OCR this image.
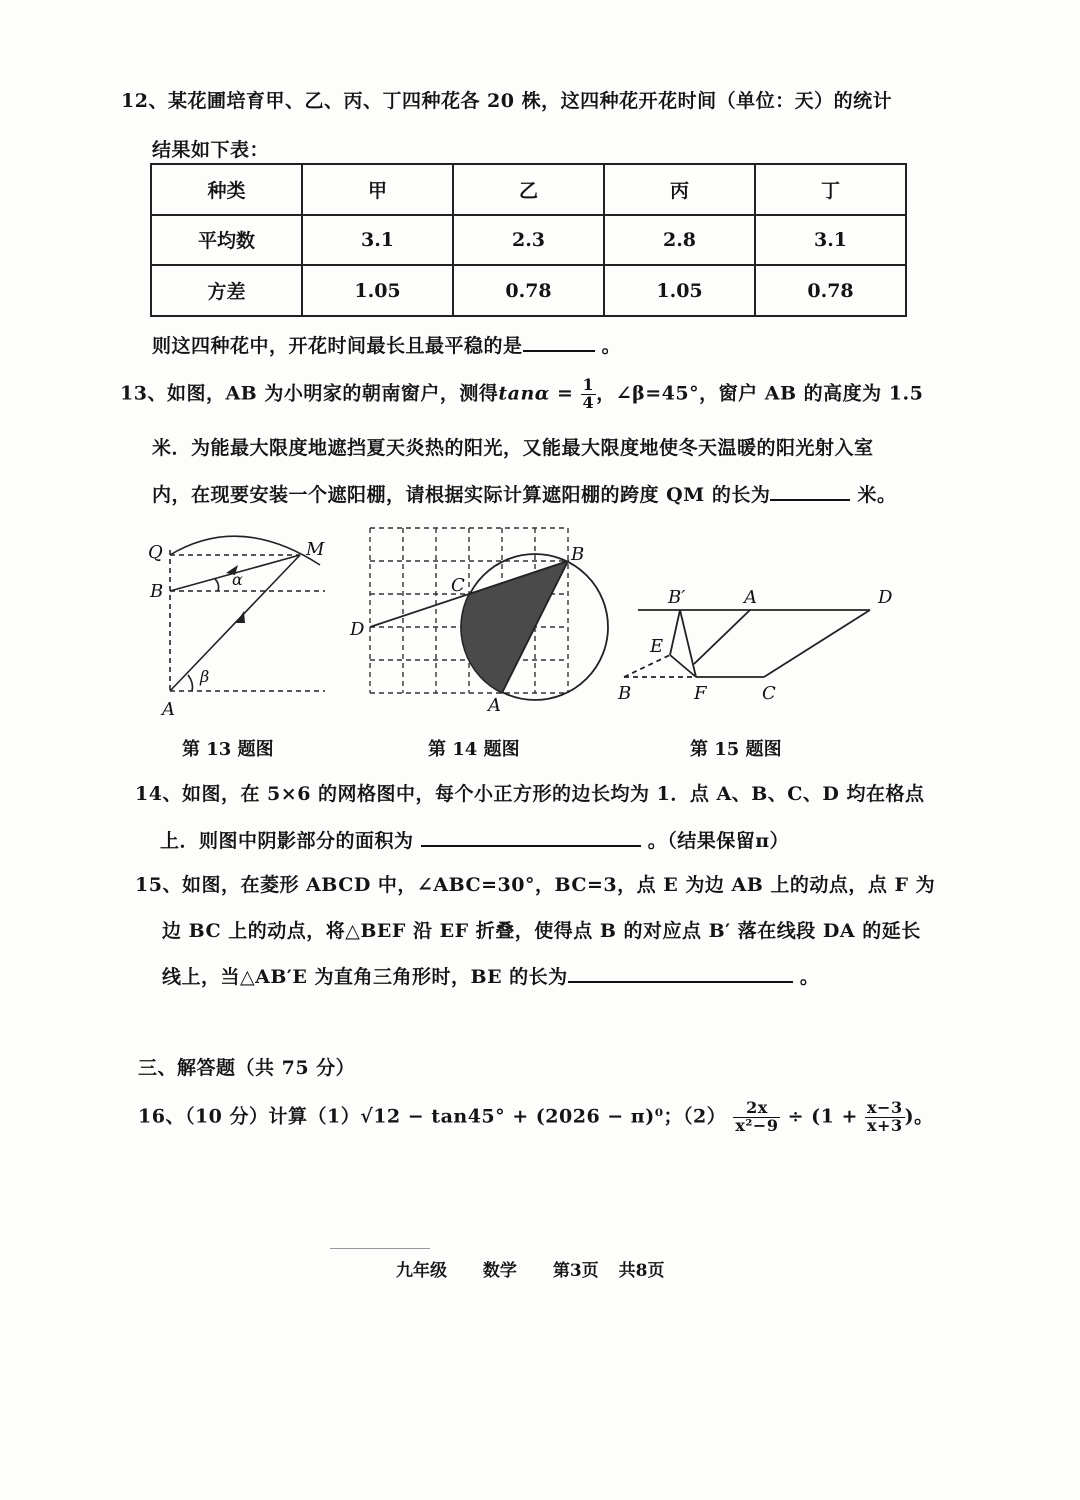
12、某花圃培育甲、乙、丙、丁四种花各 20 株，这四种花开花时间（单位：天）的统计
结果如下表：
种类	甲	乙	丙	丁
平均数	3.1	2.3	2.8	3.1
方差	1.05	0.78	1.05	0.78
则这四种花中，开花时间最长且最平稳的是	。
13、如图，AB 为小明家的朝南窗户，测得$\tan\alpha = \frac{1}{4}$ ，∠β=45°，窗户 AB 的高度为 1.5
米．为能最大限度地遮挡夏天炎热的阳光，又能最大限度地使冬天温暖的阳光射入室
内，在现要安装一个遮阳棚，请根据实际计算遮阳棚的跨度 QM 的长为	米。
Q	M
B
α
β
A
B
C
D
A
B′	A	D
E
B	F	C
第 13 题图	第 14 题图	第 15 题图
14、如图，在 5×6 的网格图中，每个小正方形的边长均为 1．点 A、B、C、D 均在格点
上．则图中阴影部分的面积为	。（结果保留π）
15、如图，在菱形 ABCD 中，∠ABC=30°，BC=3，点 E 为边 AB 上的动点，点 F 为
边 BC 上的动点，将△BEF 沿 EF 折叠，使得点 B 的对应点 B′ 落在线段 DA 的延长
线上，当△AB′E 为直角三角形时，BE 的长为	。
三、解答题（共 75 分）
16、（10 分）计算（1）√12 − tan45° + (2026 − π)⁰；$(2) \frac{2x}{\text{x²−9}} \div (1 + \frac{x-3}{x+3}$ )。
九年级 数学 第3页 共8页
